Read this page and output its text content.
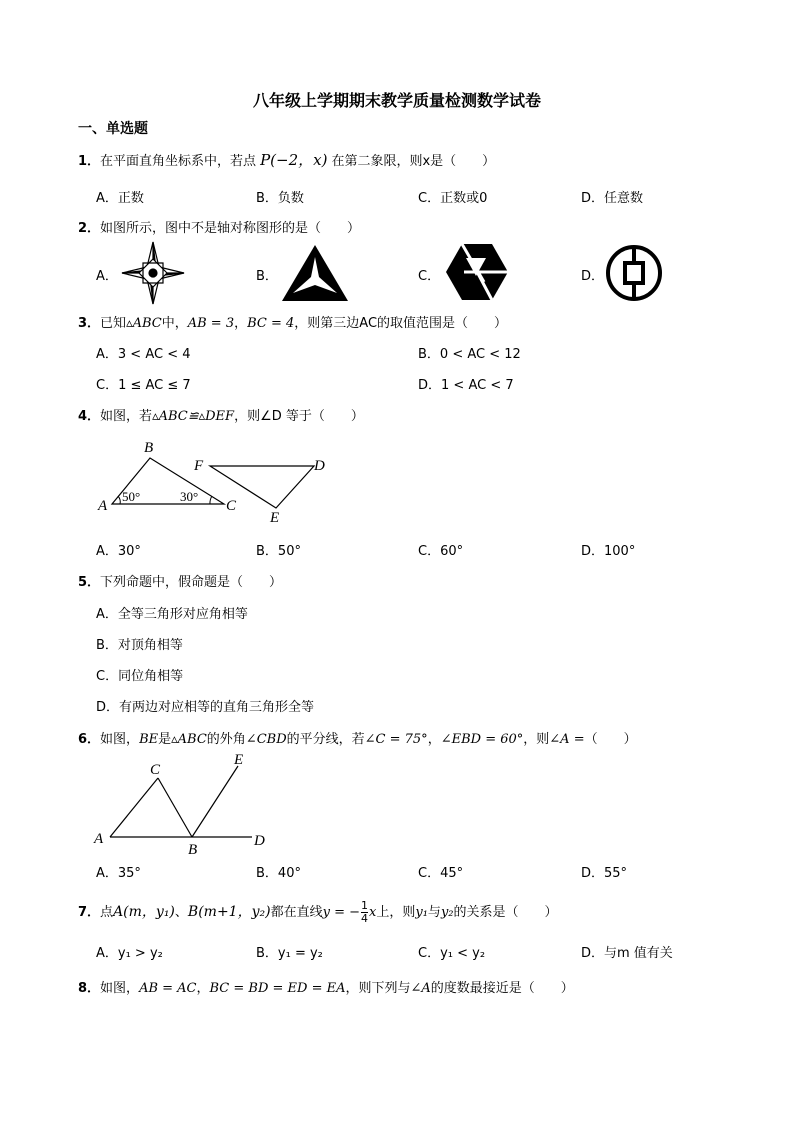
八年级上学期期末教学质量检测数学试卷
一、单选题
1．在平面直角坐标系中，若点 P(−2，x) 在第二象限，则x是（　　）
A．正数	B．负数	C．正数或0	D．任意数
2．如图所示，图中不是轴对称图形的是（　　）
A．	B．	C．	D．
3．已知▵ABC中，AB = 3，BC = 4，则第三边AC的取值范围是（　　）
A．3 < AC < 4	B．0 < AC < 12
C．1 ≤ AC ≤ 7	D．1 < AC < 7
4．如图，若▵ABC≌▵DEF，则∠D 等于（　　）
B
A	C
50°	30°
F	D
E
A．30°	B．50°	C．60°	D．100°
5．下列命题中，假命题是（　　）
A．全等三角形对应角相等
B．对顶角相等
C．同位角相等
D．有两边对应相等的直角三角形全等
6．如图，BE是▵ABC的外角∠CBD的平分线，若∠C = 75°，∠EBD = 60°，则∠A =（　　）
C
E
A
B
D
A．35°	B．40°	C．45°	D．55°
7．点A(m，y₁)、B(m+1，y₂)都在直线y = − $\frac{1}{4}$ x上，则y₁与y₂的关系是（　　）
A．y₁ > y₂	B．y₁ = y₂	C．y₁ < y₂	D．与m 值有关
8．如图，AB = AC，BC = BD = ED = EA，则下列与∠A的度数最接近是（　　）
